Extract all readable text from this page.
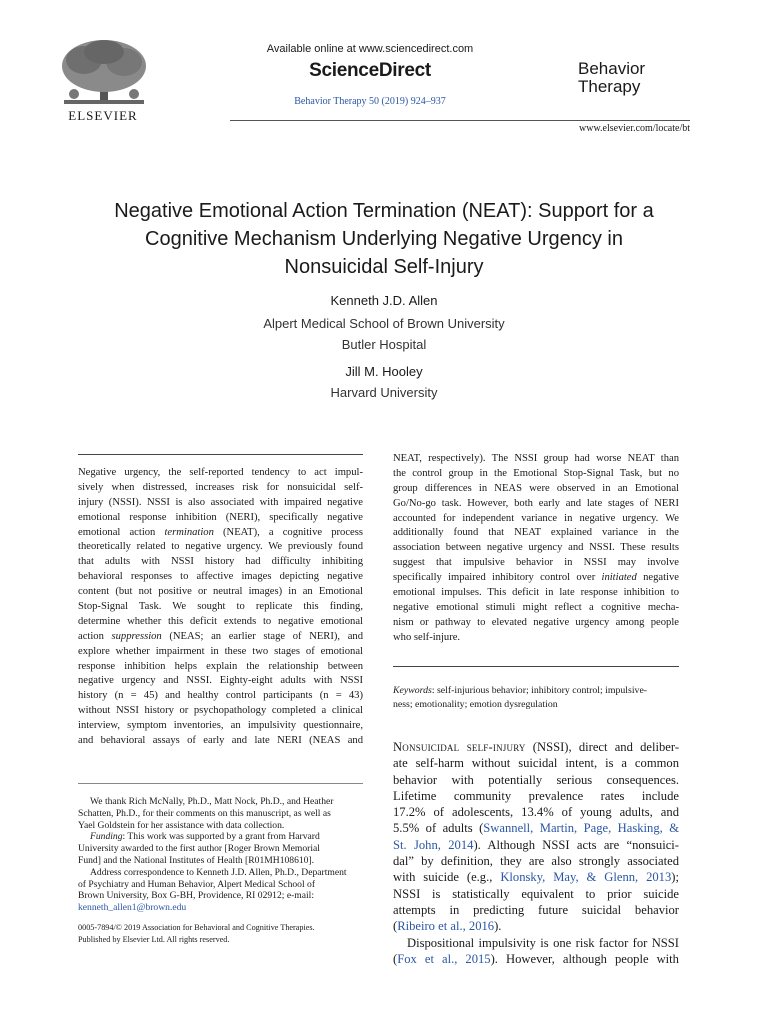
ELSEVIER
Available online at www.sciencedirect.com
ScienceDirect
Behavior Therapy 50 (2019) 924–937
Behavior
Therapy
www.elsevier.com/locate/bt
Negative Emotional Action Termination (NEAT): Support for a
Cognitive Mechanism Underlying Negative Urgency in
Nonsuicidal Self-Injury
Kenneth J.D. Allen
Alpert Medical School of Brown University
Butler Hospital
Jill M. Hooley
Harvard University
Negative urgency, the self-reported tendency to act impul-
sively when distressed, increases risk for nonsuicidal self-
injury (NSSI). NSSI is also associated with impaired negative
emotional response inhibition (NERI), specifically negative
emotional action termination (NEAT), a cognitive process
theoretically related to negative urgency. We previously found
that adults with NSSI history had difficulty inhibiting
behavioral responses to affective images depicting negative
content (but not positive or neutral images) in an Emotional
Stop-Signal Task. We sought to replicate this finding,
determine whether this deficit extends to negative emotional
action suppression (NEAS; an earlier stage of NERI), and
explore whether impairment in these two stages of emotional
response inhibition helps explain the relationship between
negative urgency and NSSI. Eighty-eight adults with NSSI
history (n = 45) and healthy control participants (n = 43)
without NSSI history or psychopathology completed a clinical
interview, symptom inventories, an impulsivity questionnaire,
and behavioral assays of early and late NERI (NEAS and
NEAT, respectively). The NSSI group had worse NEAT than
the control group in the Emotional Stop-Signal Task, but no
group differences in NEAS were observed in an Emotional
Go/No-go task. However, both early and late stages of NERI
accounted for independent variance in negative urgency. We
additionally found that NEAT explained variance in the
association between negative urgency and NSSI. These results
suggest that impulsive behavior in NSSI may involve
specifically impaired inhibitory control over initiated negative
emotional impulses. This deficit in late response inhibition to
negative emotional stimuli might reflect a cognitive mecha-
nism or pathway to elevated negative urgency among people
who self-injure.
Keywords: self-injurious behavior; inhibitory control; impulsive-
ness; emotionality; emotion dysregulation
We thank Rich McNally, Ph.D., Matt Nock, Ph.D., and Heather
Schatten, Ph.D., for their comments on this manuscript, as well as
Yael Goldstein for her assistance with data collection.
Funding: This work was supported by a grant from Harvard
University awarded to the first author [Roger Brown Memorial
Fund] and the National Institutes of Health [R01MH108610].
Address correspondence to Kenneth J.D. Allen, Ph.D., Department
of Psychiatry and Human Behavior, Alpert Medical School of
Brown University, Box G-BH, Providence, RI 02912; e-mail:
kenneth_allen1@brown.edu
0005-7894/© 2019 Association for Behavioral and Cognitive Therapies.
Published by Elsevier Ltd. All rights reserved.
Nonsuicidal self-injury (NSSI), direct and deliber-
ate self-harm without suicidal intent, is a common
behavior with potentially serious consequences.
Lifetime community prevalence rates include
17.2% of adolescents, 13.4% of young adults, and
5.5% of adults (Swannell, Martin, Page, Hasking, &
St. John, 2014). Although NSSI acts are “nonsuici-
dal” by definition, they are also strongly associated
with suicide (e.g., Klonsky, May, & Glenn, 2013);
NSSI is statistically equivalent to prior suicide
attempts in predicting future suicidal behavior
(Ribeiro et al., 2016).
Dispositional impulsivity is one risk factor for NSSI
(Fox et al., 2015). However, although people with
